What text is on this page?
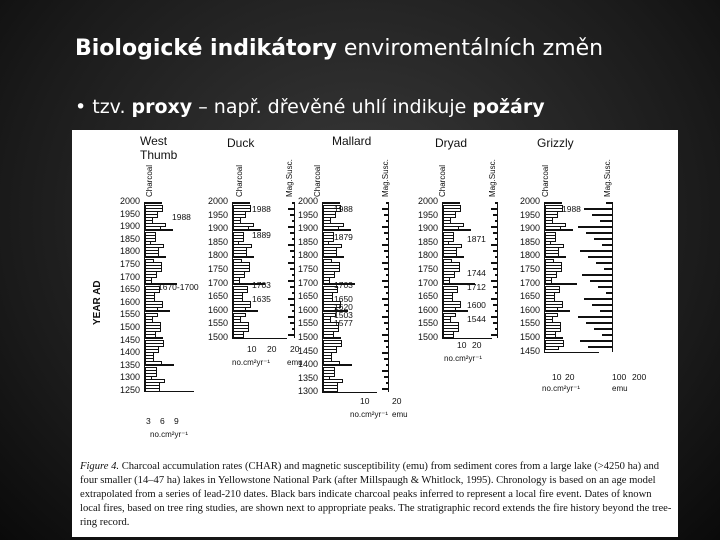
Biologické indikátory enviromentálních změn
• tzv. proxy – např. dřevěné uhlí indikuje požáry
YEAR AD
West Thumb
Duck	Mallard	Dryad	Grizzly
Charcoal	Charcoal	Mag.Susc. Charcoal	Mag.Susc.	Charcoal	Mag.Susc.	Charcoal	Mag.Susc.
2000
1950
1900
1850
1800
1750
1700
1650
1600
1550
1500
1450
1400
1350
1300
1250
1988
1670-1700
3 6 9
2000
1950
1900
1850
1800
1750
1700
1650
1600
1550
1500
1988
1889
1703
1635
10 20 20
2000
1950
1900
1850
1800
1750
1700
1650
1600
1550
1500
1450
1400
1350
1300
1988
1879
1703
1650
1620
1503
1577
10	20
2000
1950
1900
1850
1800
1750
1700
1650
1600
1550
1500
1871
1744
1712
1600
1544
10 20
2000
1950
1900
1850
1800
1750
1700
1650
1600
1550
1500
1450
1988
10 20	100 200
no.cm²yr⁻¹
no.cm²yr⁻¹ emu
no.cm²yr⁻¹ emu
no.cm²yr⁻¹
no.cm²yr⁻¹	emu
Figure 4. Charcoal accumulation rates (CHAR) and magnetic susceptibility (emu) from sediment cores from a large lake (>4250 ha) and four smaller (14–47 ha) lakes in Yellowstone National Park (after Millspaugh & Whitlock, 1995). Chronology is based on an age model extrapolated from a series of lead-210 dates. Black bars indicate charcoal peaks inferred to represent a local fire event. Dates of known local fires, based on tree ring studies, are shown next to appropriate peaks. The stratigraphic record extends the fire history beyond the tree-ring record.
